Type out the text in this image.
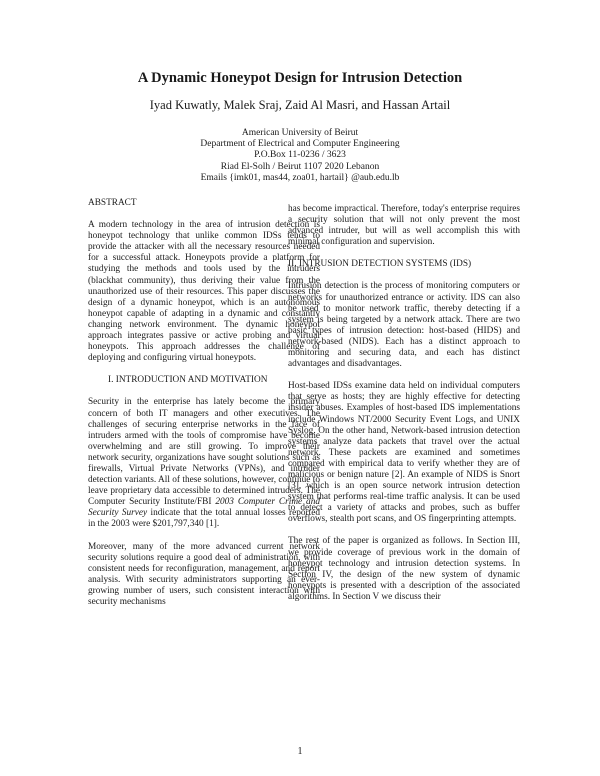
A Dynamic Honeypot Design for Intrusion Detection
Iyad Kuwatly, Malek Sraj, Zaid Al Masri, and Hassan Artail
American University of Beirut
Department of Electrical and Computer Engineering
P.O.Box 11-0236 / 3623
Riad El-Solh / Beirut 1107 2020 Lebanon
Emails {imk01, mas44, zoa01, hartail} @aub.edu.lb
ABSTRACT

A modern technology in the area of intrusion detection is honeypot technology that unlike common IDSs tends to provide the attacker with all the necessary resources needed for a successful attack. Honeypots provide a platform for studying the methods and tools used by the intruders (blackhat community), thus deriving their value from the unauthorized use of their resources. This paper discusses the design of a dynamic honeypot, which is an autonomous honeypot capable of adapting in a dynamic and constantly changing network environment. The dynamic honeypot approach integrates passive or active probing and virtual honeypots. This approach addresses the challenge of deploying and configuring virtual honeypots.

I. INTRODUCTION AND MOTIVATION

Security in the enterprise has lately become the primary concern of both IT managers and other executives. The challenges of securing enterprise networks in the face of intruders armed with the tools of compromise have become overwhelming and are still growing. To improve their network security, organizations have sought solutions such as firewalls, Virtual Private Networks (VPNs), and intruder detection variants. All of these solutions, however, continue to leave proprietary data accessible to determined intruders. The Computer Security Institute/FBI 2003 Computer Crime and Security Survey indicate that the total annual losses reported in the 2003 were $201,797,340 [1].

Moreover, many of the more advanced current network security solutions require a good deal of administration, with consistent needs for reconfiguration, management, and report analysis. With security administrators supporting an ever-growing number of users, such consistent interaction with security mechanisms

has become impractical. Therefore, today's enterprise requires a security solution that will not only prevent the most advanced intruder, but will as well accomplish this with minimal configuration and supervision.

II. INTRUSION DETECTION SYSTEMS (IDS)

Intrusion detection is the process of monitoring computers or networks for unauthorized entrance or activity. IDS can also be used to monitor network traffic, thereby detecting if a system is being targeted by a network attack. There are two basic types of intrusion detection: host-based (HIDS) and network-based (NIDS). Each has a distinct approach to monitoring and securing data, and each has distinct advantages and disadvantages.

Host-based IDSs examine data held on individual computers that serve as hosts; they are highly effective for detecting insider abuses. Examples of host-based IDS implementations include Windows NT/2000 Security Event Logs, and UNIX Syslog. On the other hand, Network-based intrusion detection systems analyze data packets that travel over the actual network. These packets are examined and sometimes compared with empirical data to verify whether they are of malicious or benign nature [2]. An example of NIDS is Snort [3], which is an open source network intrusion detection system that performs real-time traffic analysis. It can be used to detect a variety of attacks and probes, such as buffer overflows, stealth port scans, and OS fingerprinting attempts.

The rest of the paper is organized as follows. In Section III, we provide coverage of previous work in the domain of honeypot technology and intrusion detection systems. In Section IV, the design of the new system of dynamic honeypots is presented with a description of the associated algorithms. In Section V we discuss their

1
